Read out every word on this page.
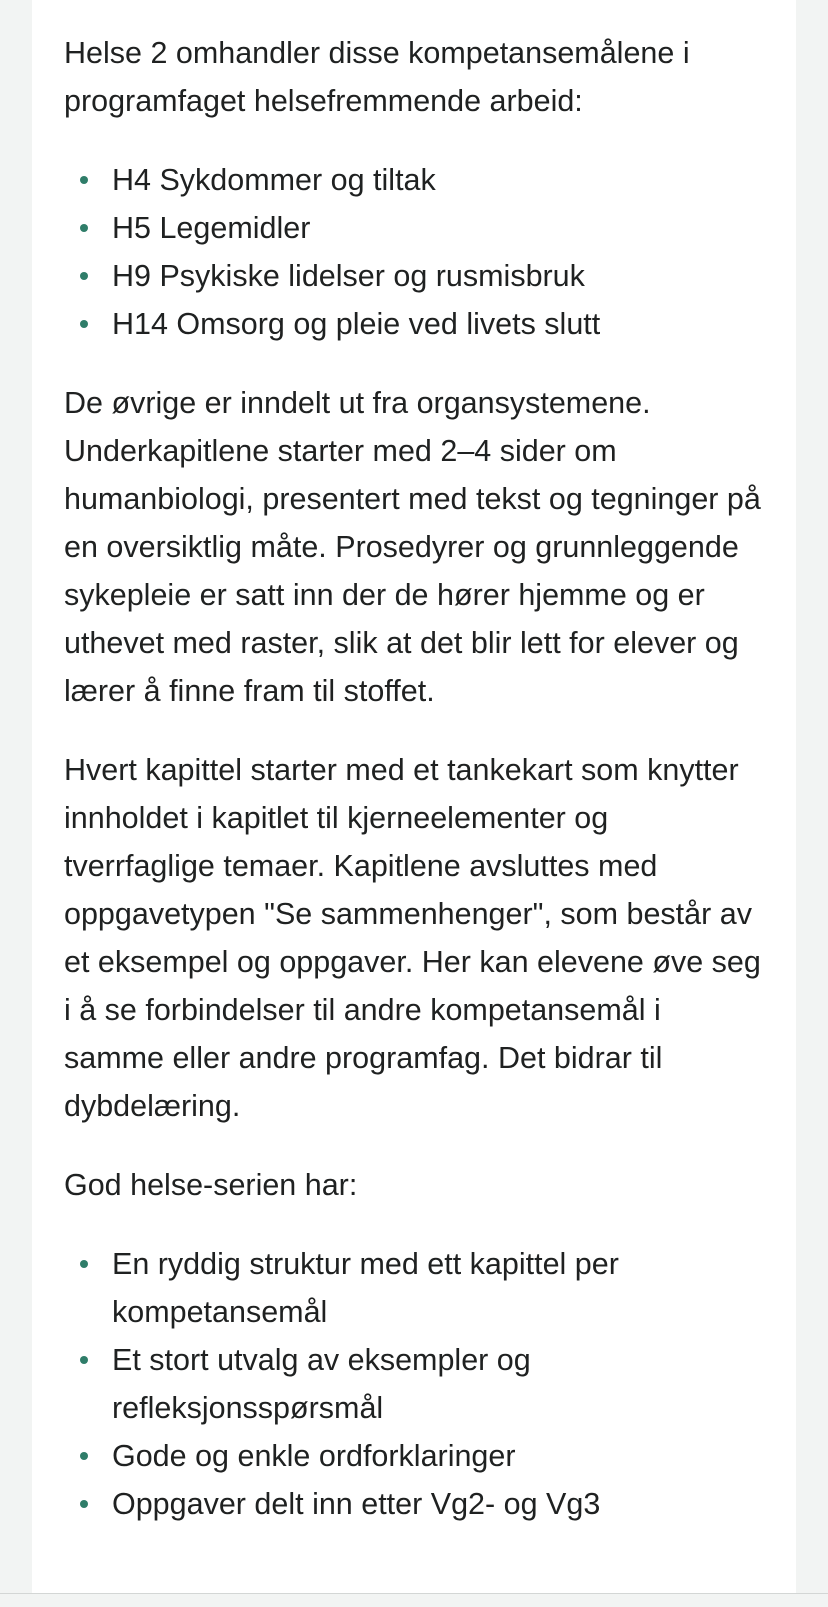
Helse 2 omhandler disse kompetansemålene i programfaget helsefremmende arbeid:

H4 Sykdommer og tiltak
H5 Legemidler
H9 Psykiske lidelser og rusmisbruk
H14 Omsorg og pleie ved livets slutt

De øvrige er inndelt ut fra organsystemene. Underkapitlene starter med 2–4 sider om humanbiologi, presentert med tekst og tegninger på en oversiktlig måte. Prosedyrer og grunnleggende sykepleie er satt inn der de hører hjemme og er uthevet med raster, slik at det blir lett for elever og lærer å finne fram til stoffet.

Hvert kapittel starter med et tankekart som knytter innholdet i kapitlet til kjerneelementer og tverrfaglige temaer. Kapitlene avsluttes med oppgavetypen "Se sammenhenger", som består av et eksempel og oppgaver. Her kan elevene øve seg i å se forbindelser til andre kompetansemål i samme eller andre programfag. Det bidrar til dybdelæring.

God helse-serien har:

En ryddig struktur med ett kapittel per kompetansemål
Et stort utvalg av eksempler og refleksjonsspørsmål
Gode og enkle ordforklaringer
Oppgaver delt inn etter Vg2- og Vg3
